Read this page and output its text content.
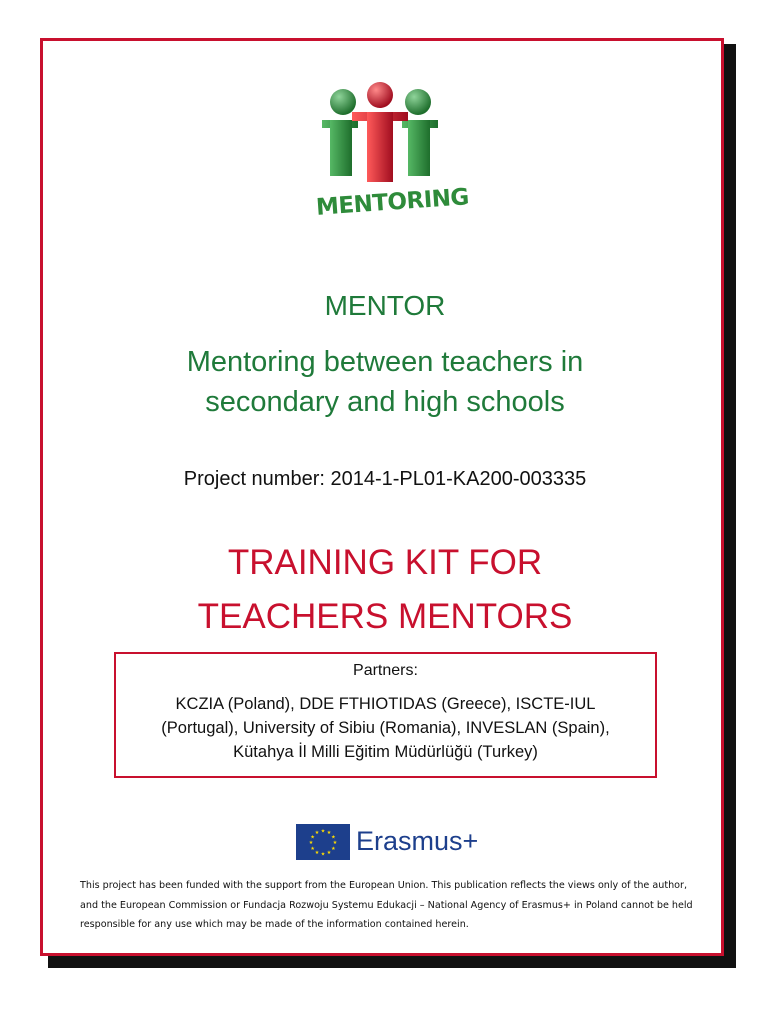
MENTORING
MENTOR
Mentoring between teachers in
secondary and high schools
Project number: 2014-1-PL01-KA200-003335
TRAINING KIT FOR
TEACHERS MENTORS
Partners:
KCZIA (Poland), DDE FTHIOTIDAS (Greece), ISCTE-IUL
(Portugal), University of Sibiu (Romania), INVESLAN (Spain),
Kütahya İl Milli Eğitim Müdürlüğü (Turkey)
★ ★
★
★
★
★
★
★
★
★
★
★ Erasmus+
This project has been funded with the support from the European Union. This publication reflects the views only of the author, and the European Commission or Fundacja Rozwoju Systemu Edukacji – National Agency of Erasmus+ in Poland cannot be held responsible for any use which may be made of the information contained herein.
